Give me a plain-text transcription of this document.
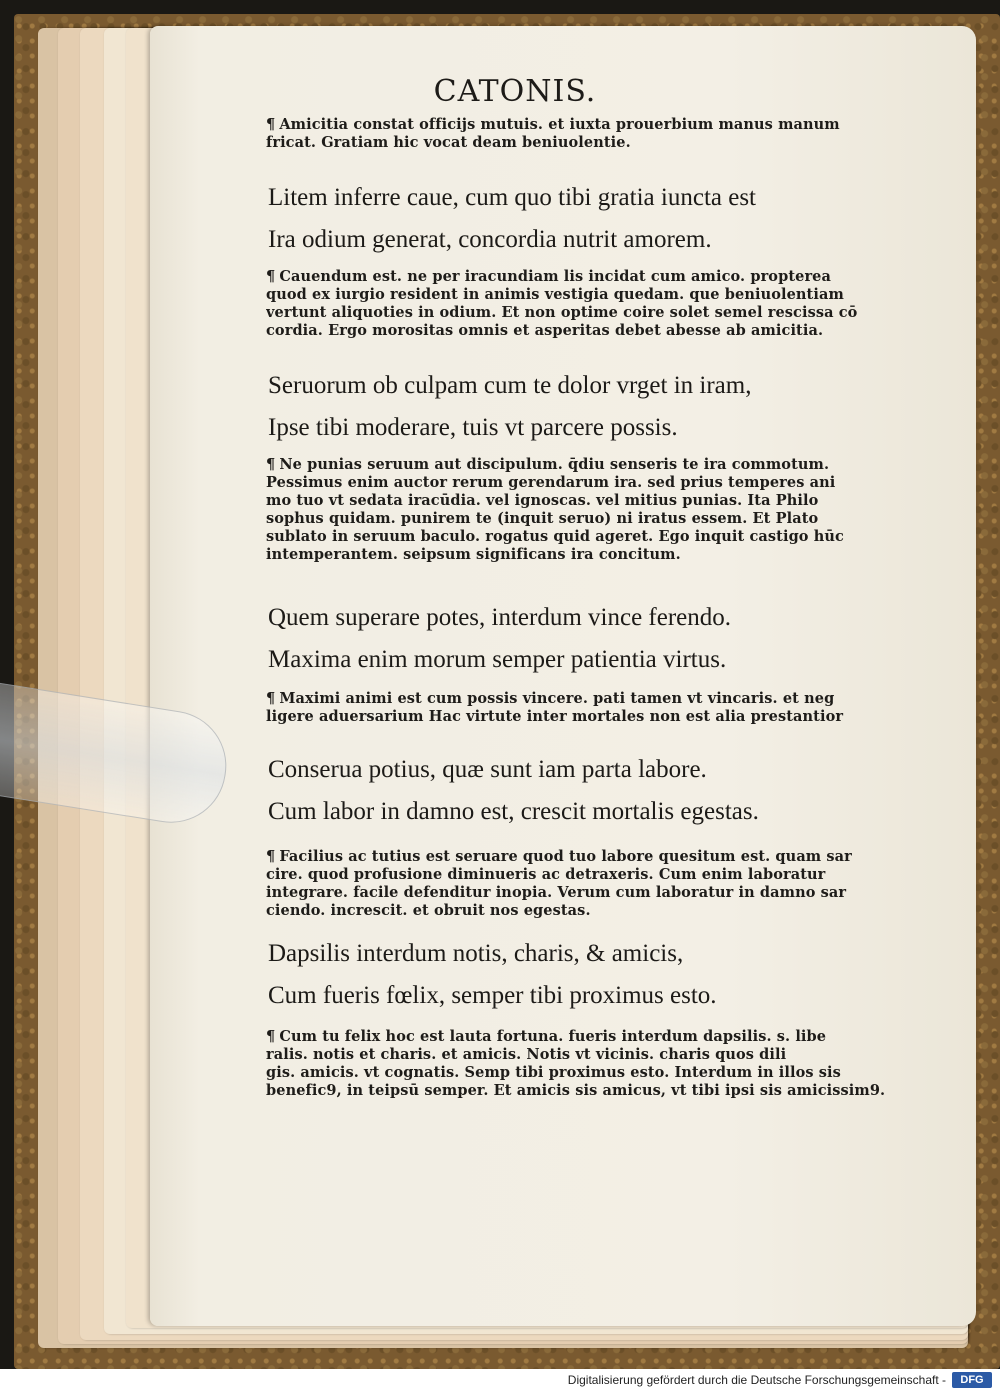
CATONIS.
Litem inferre caue, cum quo tibi gratia iuncta est
Ira odium generat, concordia nutrit amorem.
Seruorum ob culpam cum te dolor vrget in iram,
Ipse tibi moderare, tuis vt parcere possis.
Quem superare potes, interdum vince ferendo.
Maxima enim morum semper patientia virtus.
Conserua potius, quæ sunt iam parta labore.
Cum labor in damno est, crescit mortalis egestas.
Dapsilis interdum notis, charis, & amicis,
Cum fueris fœlix, semper tibi proximus esto.
¶ Amicitia constat officijs mutuis. et iuxta prouerbium manus manum
fricat. Gratiam hic vocat deam beniuolentie.
¶ Cauendum est. ne per iracundiam lis incidat cum amico. propterea
quod ex iurgio resident in animis vestigia quedam. que beniuolentiam
vertunt aliquoties in odium. Et non optime coire solet semel rescissa cō
cordia. Ergo morositas omnis et asperitas debet abesse ab amicitia.
¶ Ne punias seruum aut discipulum. q̄diu senseris te ira commotum.
Pessimus enim auctor rerum gerendarum ira. sed prius temperes ani
mo tuo vt sedata iracūdia. vel ignoscas. vel mitius punias. Ita Philo
sophus quidam. punirem te (inquit seruo) ni iratus essem. Et Plato
sublato in seruum baculo. rogatus quid ageret. Ego inquit castigo hūc
intemperantem. seipsum significans ira concitum.
¶ Maximi animi est cum possis vincere. pati tamen vt vincaris. et neg
ligere aduersarium Hac virtute inter mortales non est alia prestantior
¶ Facilius ac tutius est seruare quod tuo labore quesitum est. quam sar
cire. quod profusione diminueris ac detraxeris. Cum enim laboratur
integrare. facile defenditur inopia. Verum cum laboratur in damno sar
ciendo. increscit. et obruit nos egestas.
¶ Cum tu felix hoc est lauta fortuna. fueris interdum dapsilis. s. libe
ralis. notis et charis. et amicis. Notis vt vicinis. charis quos dili
gis. amicis. vt cognatis. Semp tibi proximus esto. Interdum in illos sis
benefic9, in teipsū semper. Et amicis sis amicus, vt tibi ipsi sis amicissim9.
Digitalisierung gefördert durch die Deutsche Forschungsgemeinschaft -	DFG
